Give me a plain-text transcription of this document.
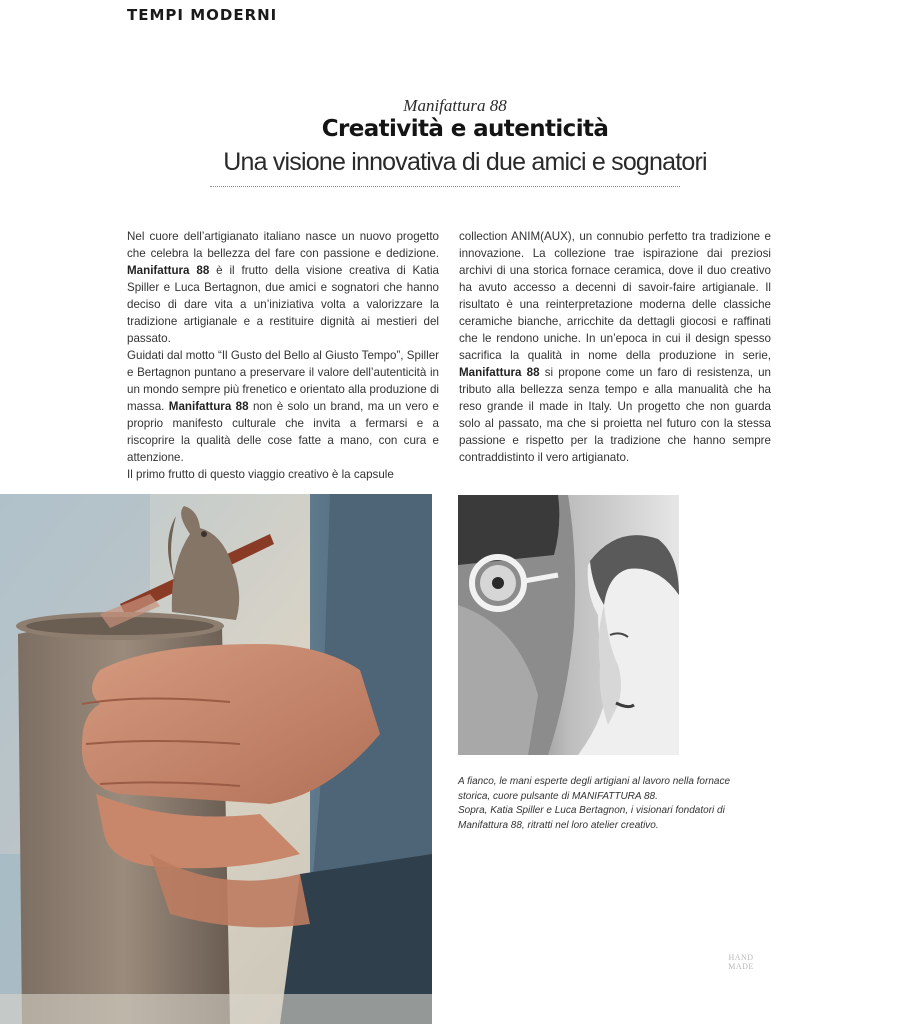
TEMPI MODERNI
Manifattura 88
Creatività e autenticità
Una visione innovativa di due amici e sognatori

Nel cuore dell’artigianato italiano nasce un nuovo progetto che celebra la bellezza del fare con passione e dedizione. Manifattura 88 è il frutto della visione creativa di Katia Spiller e Luca Bertagnon, due amici e sognatori che hanno deciso di dare vita a un’iniziativa volta a valorizzare la tradizione artigianale e a restituire dignità ai mestieri del passato.

Guidati dal motto “Il Gusto del Bello al Giusto Tempo”, Spiller e Bertagnon puntano a preservare il valore dell’autenticità in un mondo sempre più frenetico e orientato alla produzione di massa. Manifattura 88 non è solo un brand, ma un vero e proprio manifesto culturale che invita a fermarsi e a riscoprire la qualità delle cose fatte a mano, con cura e attenzione.

Il primo frutto di questo viaggio creativo è la capsule

collection ANIM(AUX), un connubio perfetto tra tradizione e innovazione. La collezione trae ispirazione dai preziosi archivi di una storica fornace ceramica, dove il duo creativo ha avuto accesso a decenni di savoir-faire artigianale. Il risultato è una reinterpretazione moderna delle classiche ceramiche bianche, arricchite da dettagli giocosi e raffinati che le rendono uniche. In un’epoca in cui il design spesso sacrifica la qualità in nome della produzione in serie, Manifattura 88 si propone come un faro di resistenza, un tributo alla bellezza senza tempo e alla manualità che ha reso grande il made in Italy. Un progetto che non guarda solo al passato, ma che si proietta nel futuro con la stessa passione e rispetto per la tradizione che hanno sempre contraddistinto il vero artigianato.

A fianco, le mani esperte degli artigiani al lavoro nella fornace storica, cuore pulsante di MANIFATTURA 88.

Sopra, Katia Spiller e Luca Bertagnon, i visionari fondatori di Manifattura 88, ritratti nel loro atelier creativo.

HAND
MADE
